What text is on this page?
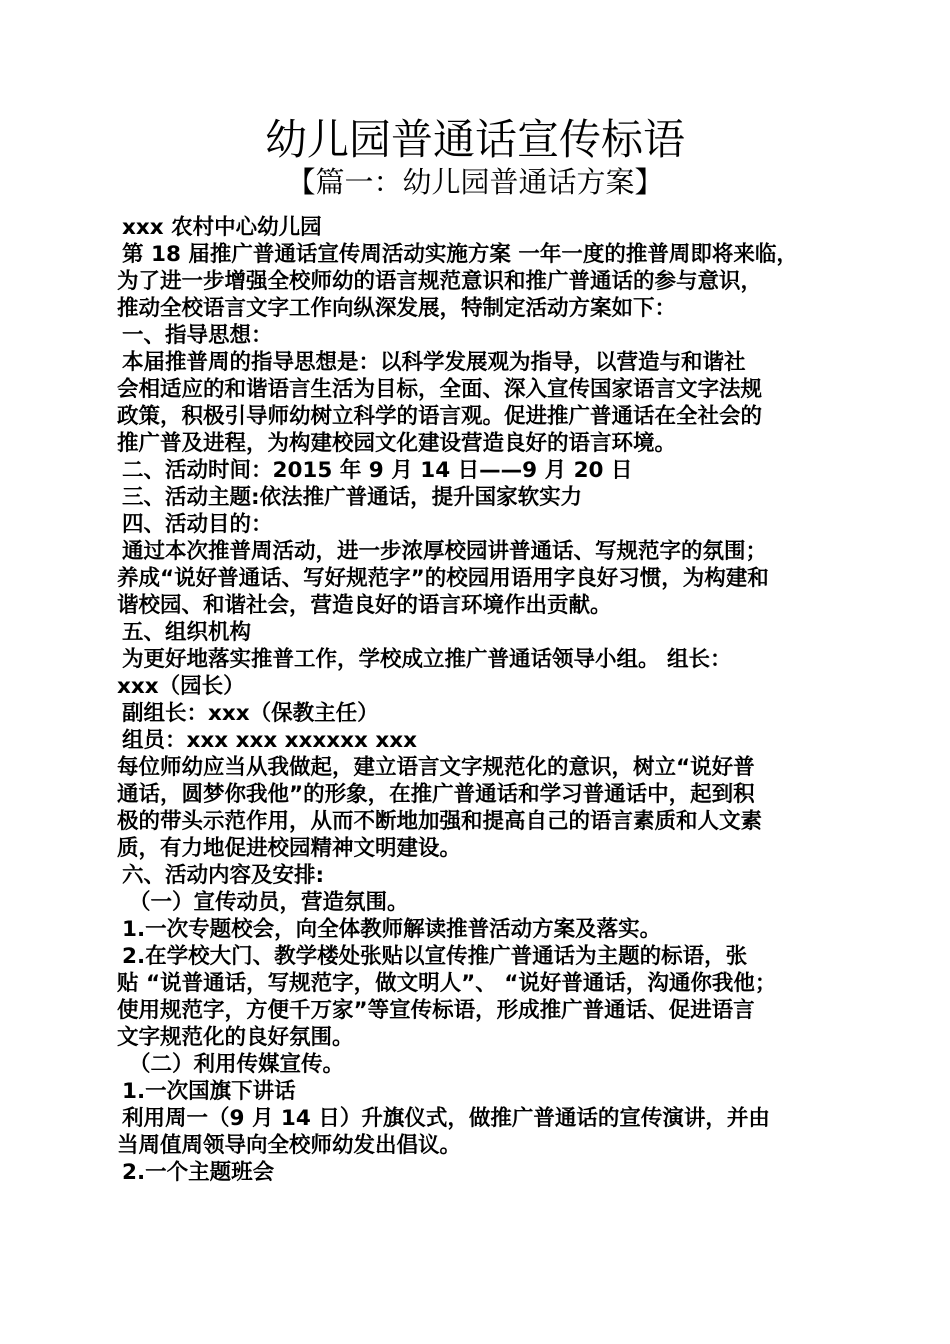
幼儿园普通话宣传标语
【篇一：幼儿园普通话方案】

xxx 农村中心幼儿园

第 18 届推广普通话宣传周活动实施方案 一年一度的推普周即将来临，

为了进一步增强全校师幼的语言规范意识和推广普通话的参与意识，

推动全校语言文字工作向纵深发展，特制定活动方案如下：

一、指导思想：

本届推普周的指导思想是：以科学发展观为指导，以营造与和谐社

会相适应的和谐语言生活为目标，全面、深入宣传国家语言文字法规

政策，积极引导师幼树立科学的语言观。促进推广普通话在全社会的

推广普及进程，为构建校园文化建设营造良好的语言环境。

二、活动时间：2015 年 9 月 14 日——9 月 20 日

三、活动主题:依法推广普通话，提升国家软实力

四、活动目的：

通过本次推普周活动，进一步浓厚校园讲普通话、写规范字的氛围；

养成“说好普通话、写好规范字”的校园用语用字良好习惯，为构建和

谐校园、和谐社会，营造良好的语言环境作出贡献。

五、组织机构

为更好地落实推普工作，学校成立推广普通话领导小组。 组长：

xxx（园长）

副组长：xxx（保教主任）

组员：xxx xxx xxxxxx xxx

每位师幼应当从我做起，建立语言文字规范化的意识，树立“说好普

通话，圆梦你我他”的形象，在推广普通话和学习普通话中，起到积

极的带头示范作用，从而不断地加强和提高自己的语言素质和人文素

质，有力地促进校园精神文明建设。

六、活动内容及安排:

（一）宣传动员，营造氛围。

1.一次专题校会，向全体教师解读推普活动方案及落实。

2.在学校大门、教学楼处张贴以宣传推广普通话为主题的标语，张

贴 “说普通话，写规范字，做文明人”、 “说好普通话，沟通你我他；

使用规范字，方便千万家”等宣传标语，形成推广普通话、促进语言

文字规范化的良好氛围。

（二）利用传媒宣传。

1.一次国旗下讲话

利用周一（9 月 14 日）升旗仪式，做推广普通话的宣传演讲，并由

当周值周领导向全校师幼发出倡议。

2.一个主题班会
